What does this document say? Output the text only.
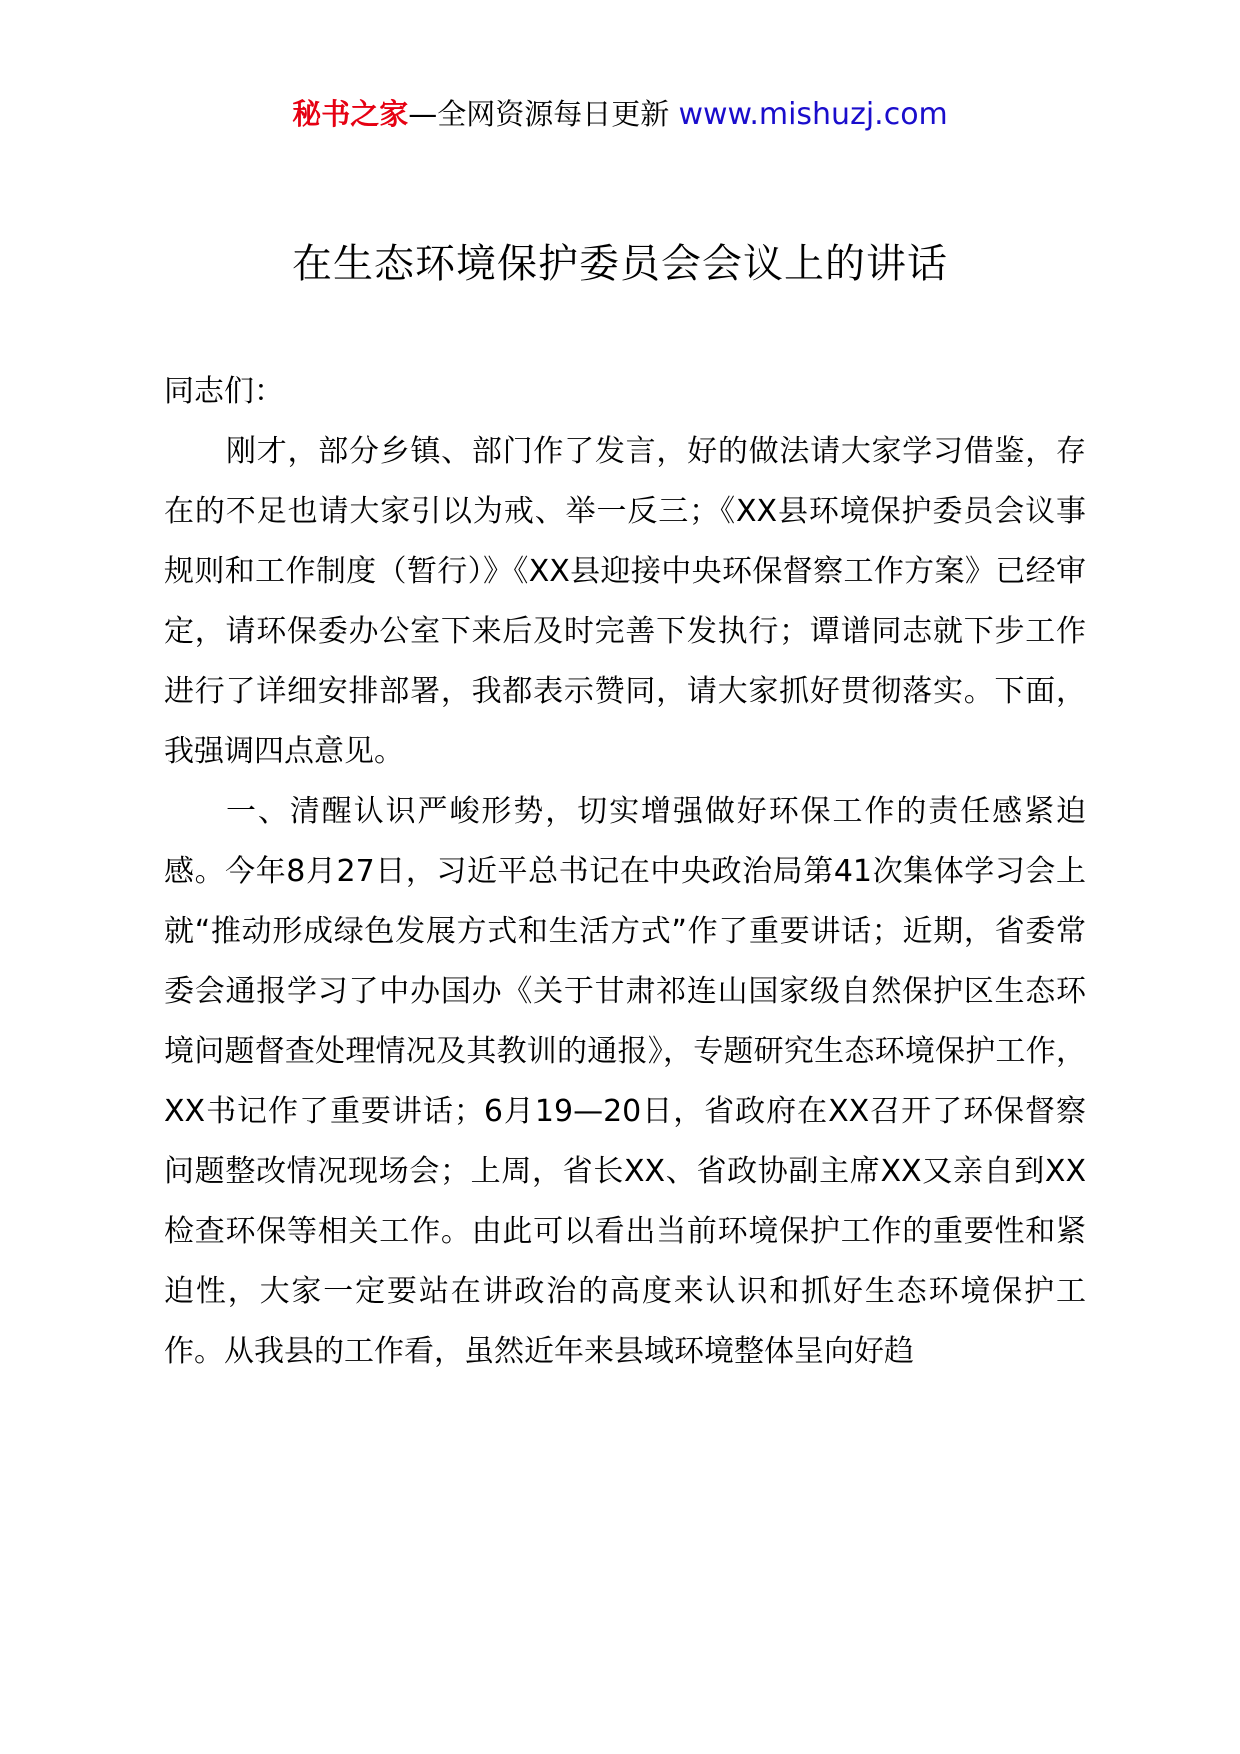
秘书之家—全网资源每日更新 www.mishuzj.com
在生态环境保护委员会会议上的讲话

同志们：

刚才，部分乡镇、部门作了发言，好的做法请大家学习借鉴，存在的不足也请大家引以为戒、举一反三；《XX县环境保护委员会议事规则和工作制度（暂行）》《XX县迎接中央环保督察工作方案》已经审定，请环保委办公室下来后及时完善下发执行；谭谱同志就下步工作进行了详细安排部署，我都表示赞同，请大家抓好贯彻落实。下面，我强调四点意见。

一、清醒认识严峻形势，切实增强做好环保工作的责任感紧迫感。今年8月27日，习近平总书记在中央政治局第41次集体学习会上就“推动形成绿色发展方式和生活方式”作了重要讲话；近期，省委常委会通报学习了中办国办《关于甘肃祁连山国家级自然保护区生态环境问题督查处理情况及其教训的通报》，专题研究生态环境保护工作，XX书记作了重要讲话；6月19—20日，省政府在XX召开了环保督察问题整改情况现场会；上周，省长XX、省政协副主席XX又亲自到XX检查环保等相关工作。由此可以看出当前环境保护工作的重要性和紧迫性，大家一定要站在讲政治的高度来认识和抓好生态环境保护工作。从我县的工作看，虽然近年来县域环境整体呈向好趋
